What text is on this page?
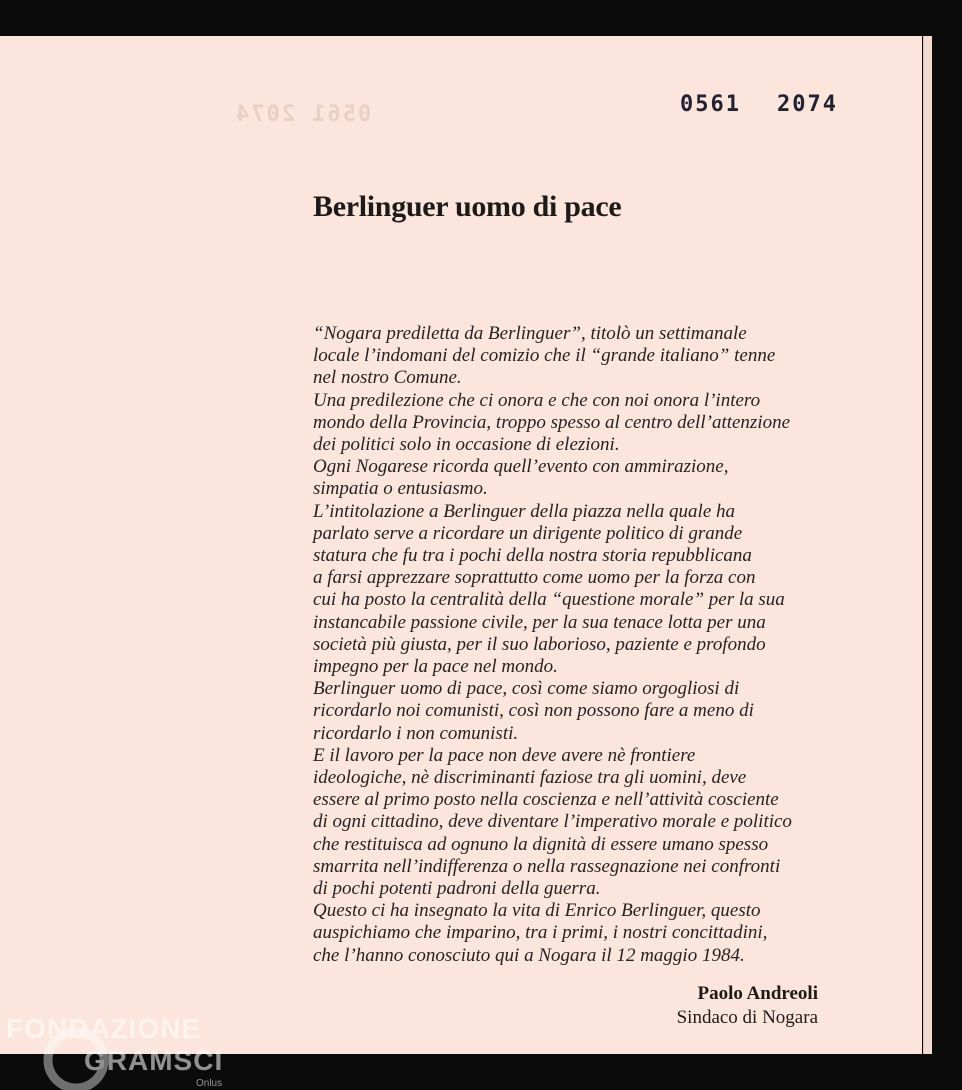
0561 2074	0561 2074
Berlinguer uomo di pace
“Nogara prediletta da Berlinguer”, titolò un settimanale
locale l’indomani del comizio che il “grande italiano” tenne
nel nostro Comune.
Una predilezione che ci onora e che con noi onora l’intero
mondo della Provincia, troppo spesso al centro dell’attenzione
dei politici solo in occasione di elezioni.
Ogni Nogarese ricorda quell’evento con ammirazione,
simpatia o entusiasmo.
L’intitolazione a Berlinguer della piazza nella quale ha
parlato serve a ricordare un dirigente politico di grande
statura che fu tra i pochi della nostra storia repubblicana
a farsi apprezzare soprattutto come uomo per la forza con
cui ha posto la centralità della “questione morale” per la sua
instancabile passione civile, per la sua tenace lotta per una
società più giusta, per il suo laborioso, paziente e profondo
impegno per la pace nel mondo.
Berlinguer uomo di pace, così come siamo orgogliosi di
ricordarlo noi comunisti, così non possono fare a meno di
ricordarlo i non comunisti.
E il lavoro per la pace non deve avere nè frontiere
ideologiche, nè discriminanti faziose tra gli uomini, deve
essere al primo posto nella coscienza e nell’attività cosciente
di ogni cittadino, deve diventare l’imperativo morale e politico
che restituisca ad ognuno la dignità di essere umano spesso
smarrita nell’indifferenza o nella rassegnazione nei confronti
di pochi potenti padroni della guerra.
Questo ci ha insegnato la vita di Enrico Berlinguer, questo
auspichiamo che imparino, tra i primi, i nostri concittadini,
che l’hanno conosciuto qui a Nogara il 12 maggio 1984.
Paolo Andreoli
Sindaco di Nogara
FONDAZIONE
GRAMSCI
Onlus
